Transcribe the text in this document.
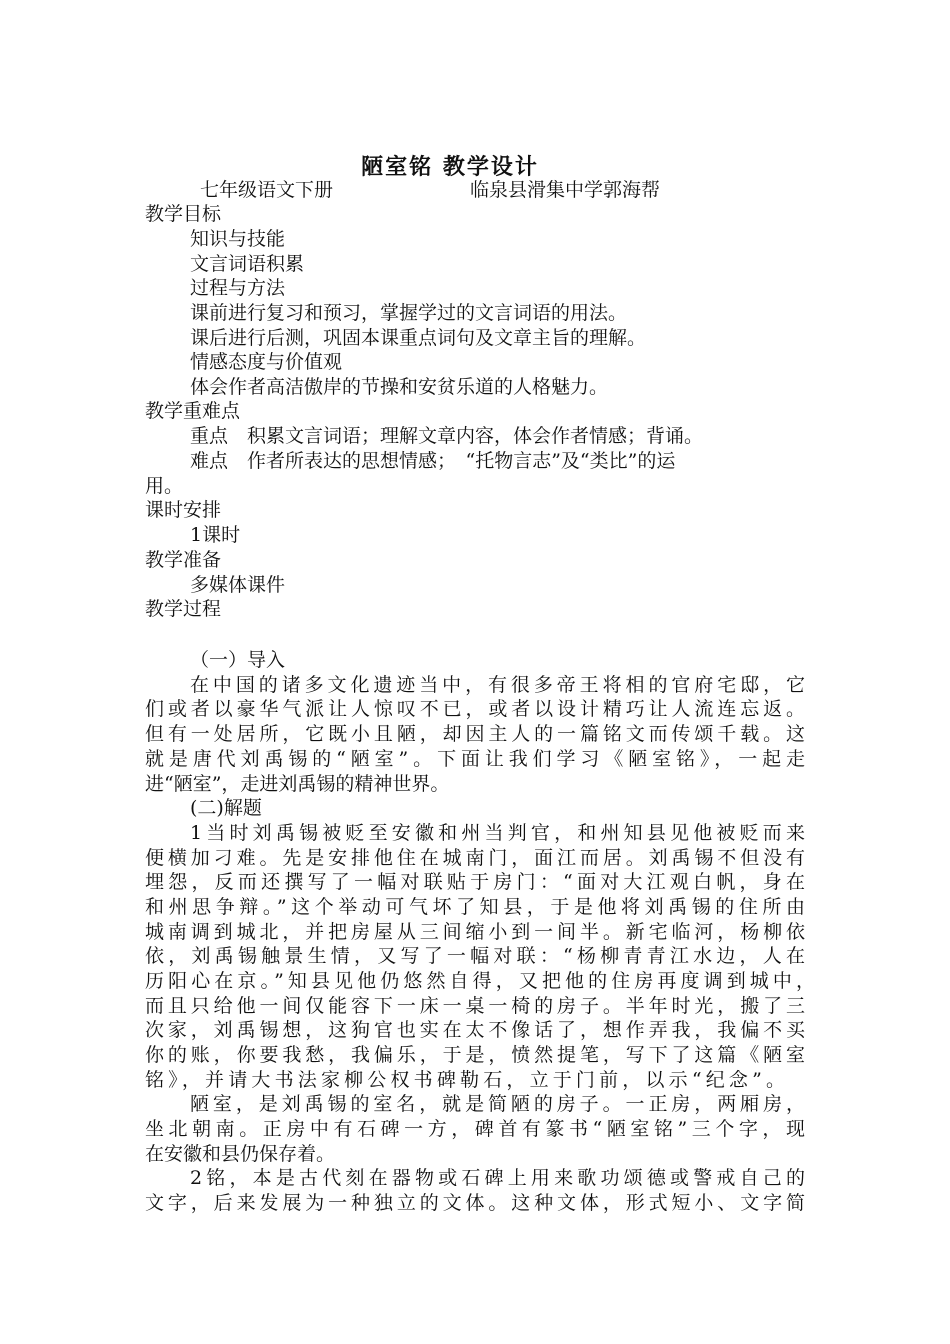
陋室铭 教学设计
七年级语文下册	临泉县滑集中学郭海帮
教学目标
知识与技能
文言词语积累
过程与方法
课前进行复习和预习，掌握学过的文言词语的用法。
课后进行后测，巩固本课重点词句及文章主旨的理解。
情感态度与价值观
体会作者高洁傲岸的节操和安贫乐道的人格魅力。
教学重难点
重点　积累文言词语；理解文章内容，体会作者情感；背诵。
难点　作者所表达的思想情感；　“托物言志”及“类比”的运
用。
课时安排
1课时
教学准备
多媒体课件
教学过程
（一）导入
在中国的诸多文化遗迹当中，有很多帝王将相的官府宅邸，它
们或者以豪华气派让人惊叹不已，或者以设计精巧让人流连忘返。
但有一处居所，它既小且陋，却因主人的一篇铭文而传颂千载。这
就是唐代刘禹锡的“陋室”。下面让我们学习《陋室铭》，一起走
进“陋室”，走进刘禹锡的精神世界。
(二)解题
1当时刘禹锡被贬至安徽和州当判官，和州知县见他被贬而来
便横加刁难。先是安排他住在城南门，面江而居。刘禹锡不但没有
埋怨，反而还撰写了一幅对联贴于房门：“面对大江观白帆，身在
和州思争辩。”这个举动可气坏了知县，于是他将刘禹锡的住所由
城南调到城北，并把房屋从三间缩小到一间半。新宅临河，杨柳依
依，刘禹锡触景生情，又写了一幅对联：“杨柳青青江水边，人在
历阳心在京。”知县见他仍悠然自得，又把他的住房再度调到城中，
而且只给他一间仅能容下一床一桌一椅的房子。半年时光，搬了三
次家，刘禹锡想，这狗官也实在太不像话了，想作弄我，我偏不买
你的账，你要我愁，我偏乐，于是，愤然提笔，写下了这篇《陋室
铭》，并请大书法家柳公权书碑勒石，立于门前，以示“纪念”。
陋室，是刘禹锡的室名，就是简陋的房子。一正房，两厢房，
坐北朝南。正房中有石碑一方，碑首有篆书“陋室铭”三个字，现
在安徽和县仍保存着。
2铭，本是古代刻在器物或石碑上用来歌功颂德或警戒自己的
文字，后来发展为一种独立的文体。这种文体，形式短小、文字简
